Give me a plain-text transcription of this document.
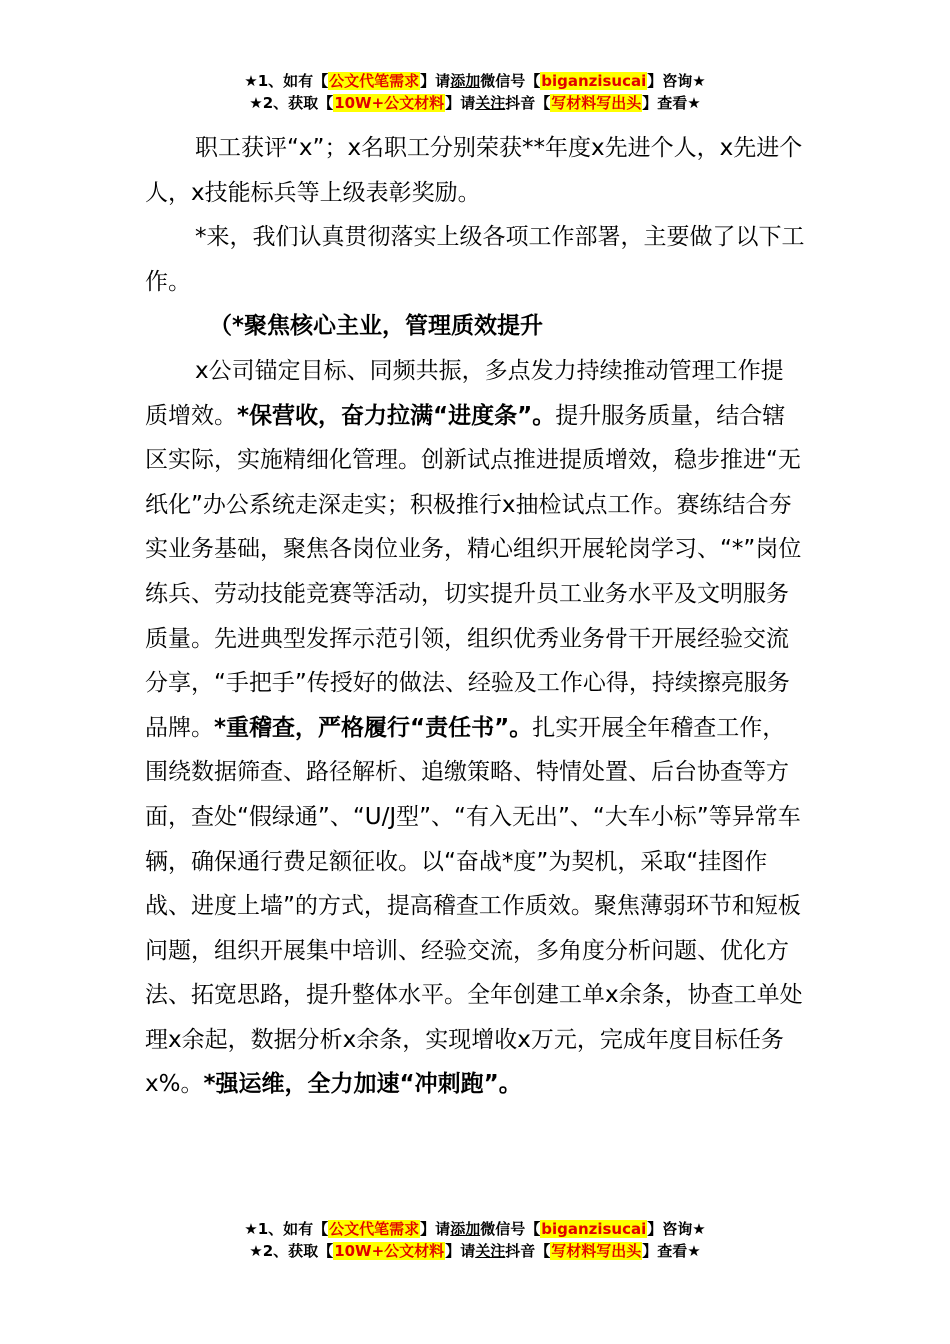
★1、如有【公文代笔需求】请添加微信号【biganzisucai】咨询★
★2、获取【10W+公文材料】请关注抖音【写材料写出头】查看★

职工获评“x”；x名职工分别荣获**年度x先进个人，x先进个人，x技能标兵等上级表彰奖励。

*来，我们认真贯彻落实上级各项工作部署，主要做了以下工作。

（*聚焦核心主业，管理质效提升

x公司锚定目标、同频共振，多点发力持续推动管理工作提质增效。*保营收，奋力拉满“进度条”。提升服务质量，结合辖区实际，实施精细化管理。创新试点推进提质增效，稳步推进“无纸化”办公系统走深走实；积极推行x抽检试点工作。赛练结合夯实业务基础，聚焦各岗位业务，精心组织开展轮岗学习、“*”岗位练兵、劳动技能竞赛等活动，切实提升员工业务水平及文明服务质量。先进典型发挥示范引领，组织优秀业务骨干开展经验交流分享，“手把手”传授好的做法、经验及工作心得，持续擦亮服务品牌。*重稽查，严格履行“责任书”。扎实开展全年稽查工作，围绕数据筛查、路径解析、追缴策略、特情处置、后台协查等方面，查处“假绿通”、“U/J型”、“有入无出”、“大车小标”等异常车辆，确保通行费足额征收。以“奋战*度”为契机，采取“挂图作战、进度上墙”的方式，提高稽查工作质效。聚焦薄弱环节和短板问题，组织开展集中培训、经验交流，多角度分析问题、优化方法、拓宽思路，提升整体水平。全年创建工单x余条，协查工单处理x余起，数据分析x余条，实现增收x万元，完成年度目标任务x%。*强运维，全力加速“冲刺跑”。

★1、如有【公文代笔需求】请添加微信号【biganzisucai】咨询★
★2、获取【10W+公文材料】请关注抖音【写材料写出头】查看★
